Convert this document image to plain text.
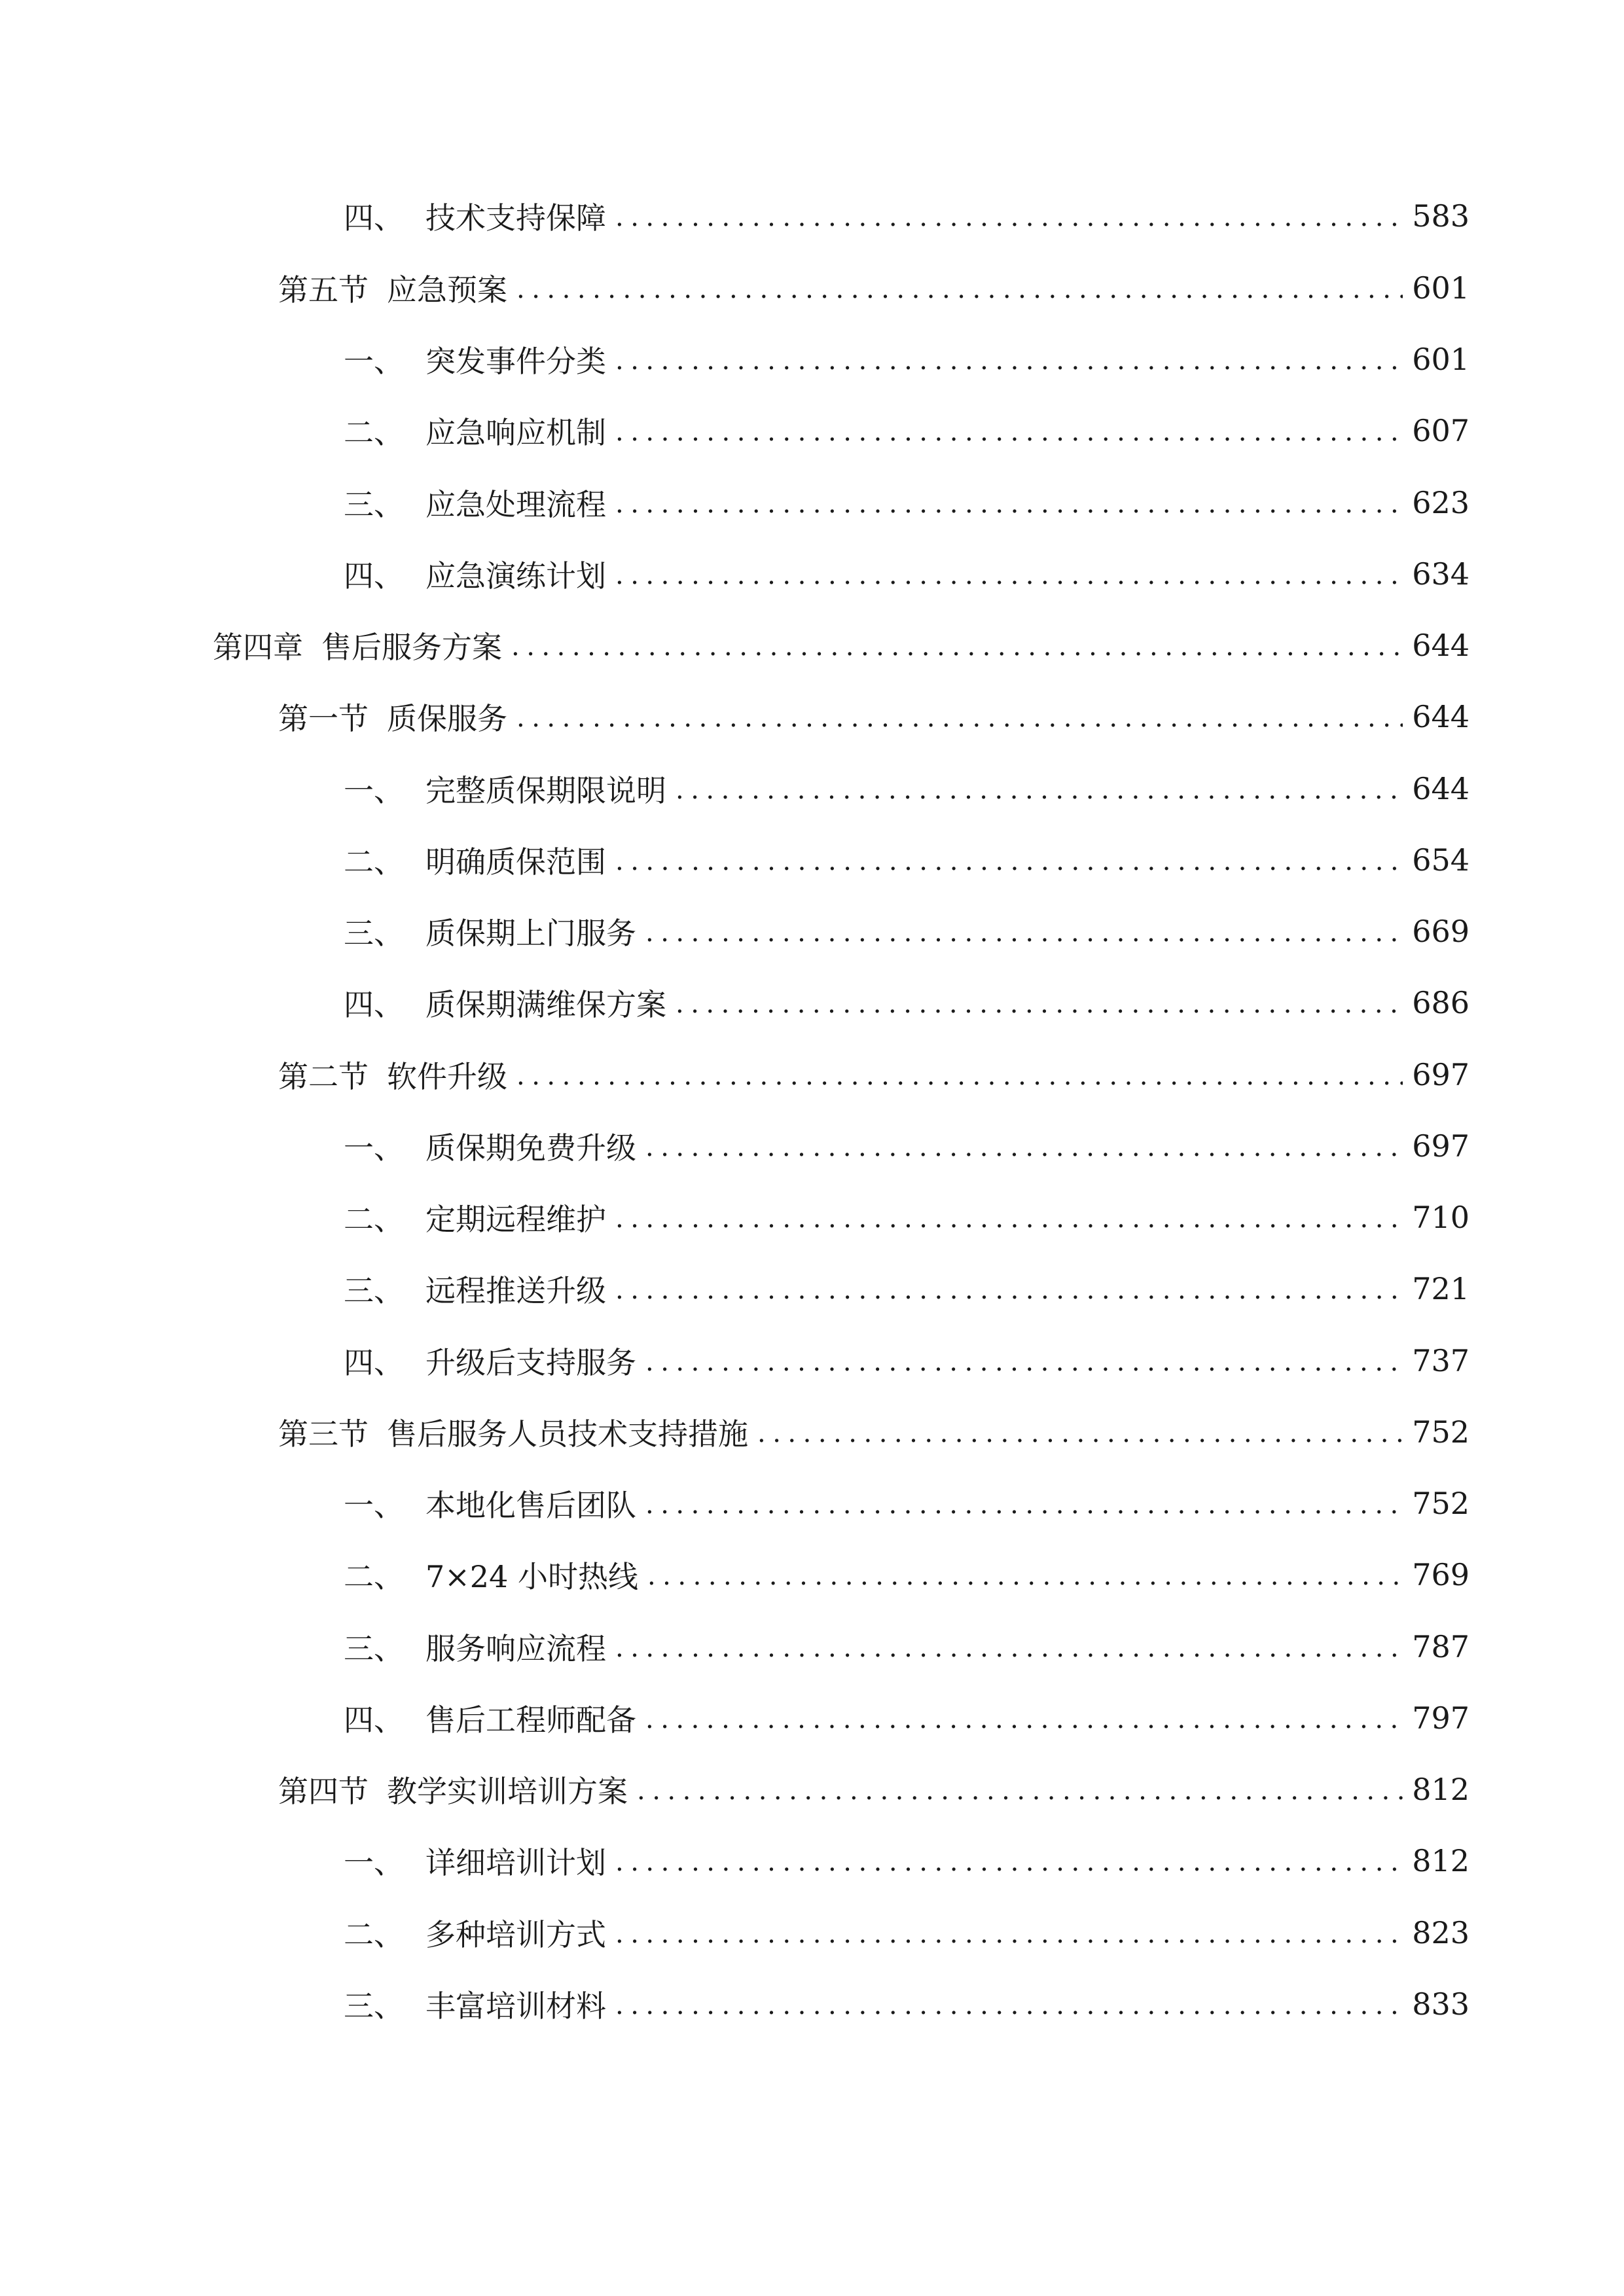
四、 技术支持保障 .....	583
第五节 应急预案 .....	601
一、 突发事件分类 .....	601
二、 应急响应机制 .....	607
三、 应急处理流程 .....	623
四、 应急演练计划 .....	634
第四章 售后服务方案 .....	644
第一节 质保服务 .....	644
一、 完整质保期限说明 .....	644
二、 明确质保范围 .....	654
三、 质保期上门服务 .....	669
四、 质保期满维保方案 .....	686
第二节 软件升级 .....	697
一、 质保期免费升级 .....	697
二、 定期远程维护 .....	710
三、 远程推送升级 .....	721
四、 升级后支持服务 .....	737
第三节 售后服务人员技术支持措施 .....	752
一、 本地化售后团队 .....	752
二、 7×24 小时热线 .....	769
三、 服务响应流程 .....	787
四、 售后工程师配备 .....	797
第四节 教学实训培训方案 .....	812
一、 详细培训计划 .....	812
二、 多种培训方式 .....	823
三、 丰富培训材料 .....	833
